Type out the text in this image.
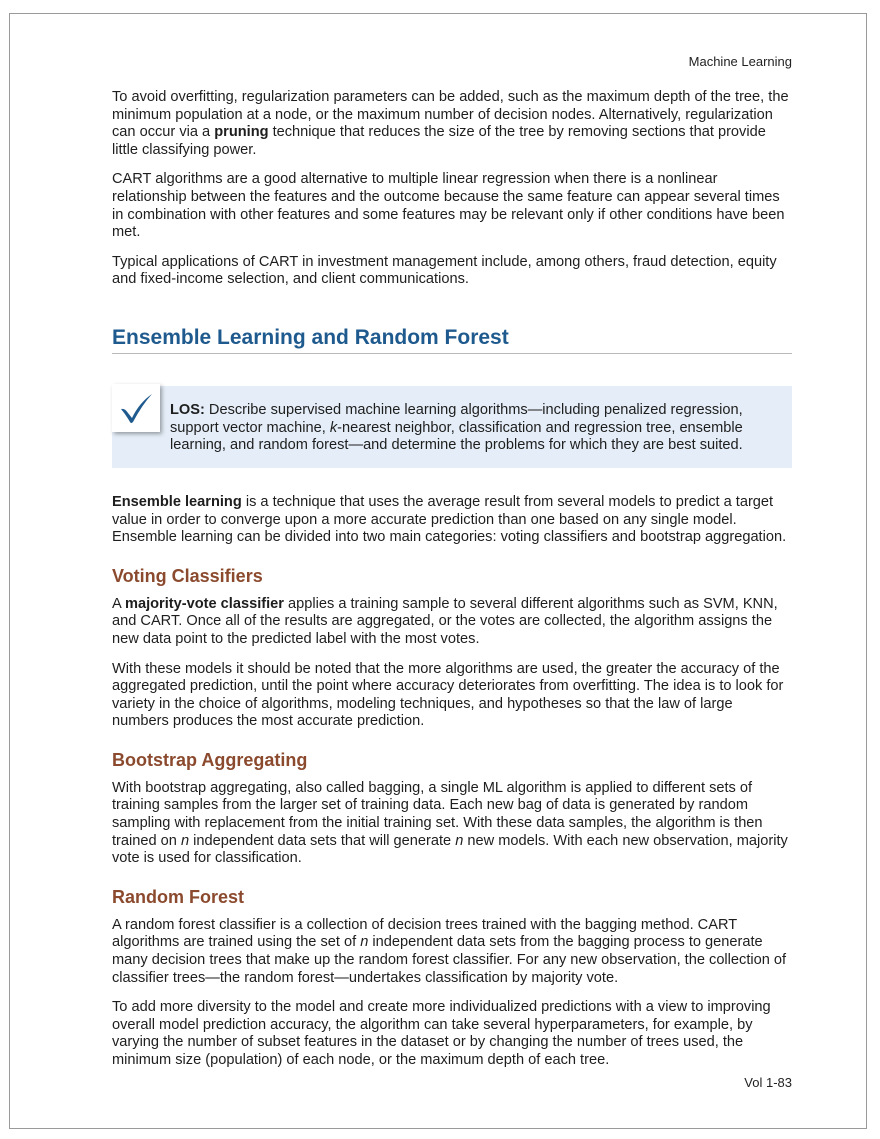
Machine Learning

To avoid overfitting, regularization parameters can be added, such as the maximum depth of the tree, the minimum population at a node, or the maximum number of decision nodes. Alternatively, regularization can occur via a pruning technique that reduces the size of the tree by removing sections that provide little classifying power.

CART algorithms are a good alternative to multiple linear regression when there is a nonlinear relationship between the features and the outcome because the same feature can appear several times in combination with other features and some features may be relevant only if other conditions have been met.

Typical applications of CART in investment management include, among others, fraud detection, equity and fixed-income selection, and client communications.

Ensemble Learning and Random Forest
LOS: Describe supervised machine learning algorithms—including penalized regression, support vector machine, k-nearest neighbor, classification and regression tree, ensemble learning, and random forest—and determine the problems for which they are best suited.

Ensemble learning is a technique that uses the average result from several models to predict a target value in order to converge upon a more accurate prediction than one based on any single model. Ensemble learning can be divided into two main categories: voting classifiers and bootstrap aggregation.

Voting Classifiers

A majority-vote classifier applies a training sample to several different algorithms such as SVM, KNN, and CART. Once all of the results are aggregated, or the votes are collected, the algorithm assigns the new data point to the predicted label with the most votes.

With these models it should be noted that the more algorithms are used, the greater the accuracy of the aggregated prediction, until the point where accuracy deteriorates from overfitting. The idea is to look for variety in the choice of algorithms, modeling techniques, and hypotheses so that the law of large numbers produces the most accurate prediction.

Bootstrap Aggregating

With bootstrap aggregating, also called bagging, a single ML algorithm is applied to different sets of training samples from the larger set of training data. Each new bag of data is generated by random sampling with replacement from the initial training set. With these data samples, the algorithm is then trained on n independent data sets that will generate n new models. With each new observation, majority vote is used for classification.

Random Forest

A random forest classifier is a collection of decision trees trained with the bagging method. CART algorithms are trained using the set of n independent data sets from the bagging process to generate many decision trees that make up the random forest classifier. For any new observation, the collection of classifier trees—the random forest—undertakes classification by majority vote.

To add more diversity to the model and create more individualized predictions with a view to improving overall model prediction accuracy, the algorithm can take several hyperparameters, for example, by varying the number of subset features in the dataset or by changing the number of trees used, the minimum size (population) of each node, or the maximum depth of each tree.

Vol 1-83
